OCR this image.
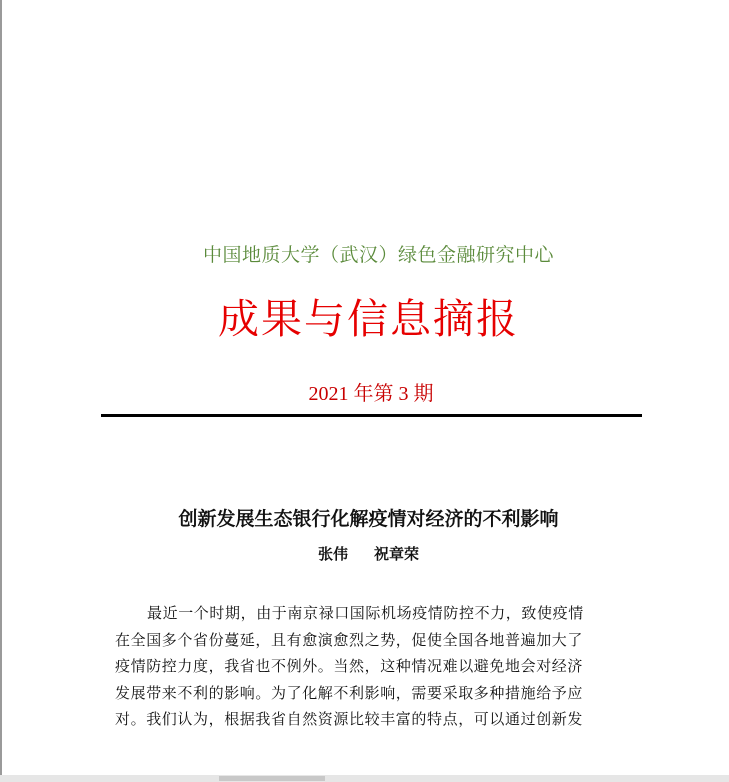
中国地质大学（武汉）绿色金融研究中心
成果与信息摘报
2021 年第 3 期
创新发展生态银行化解疫情对经济的不利影响
张伟 祝章荣
最近一个时期，由于南京禄口国际机场疫情防控不力，致使疫情
在全国多个省份蔓延，且有愈演愈烈之势，促使全国各地普遍加大了
疫情防控力度，我省也不例外。当然，这种情况难以避免地会对经济
发展带来不利的影响。为了化解不利影响，需要采取多种措施给予应
对。我们认为，根据我省自然资源比较丰富的特点，可以通过创新发
